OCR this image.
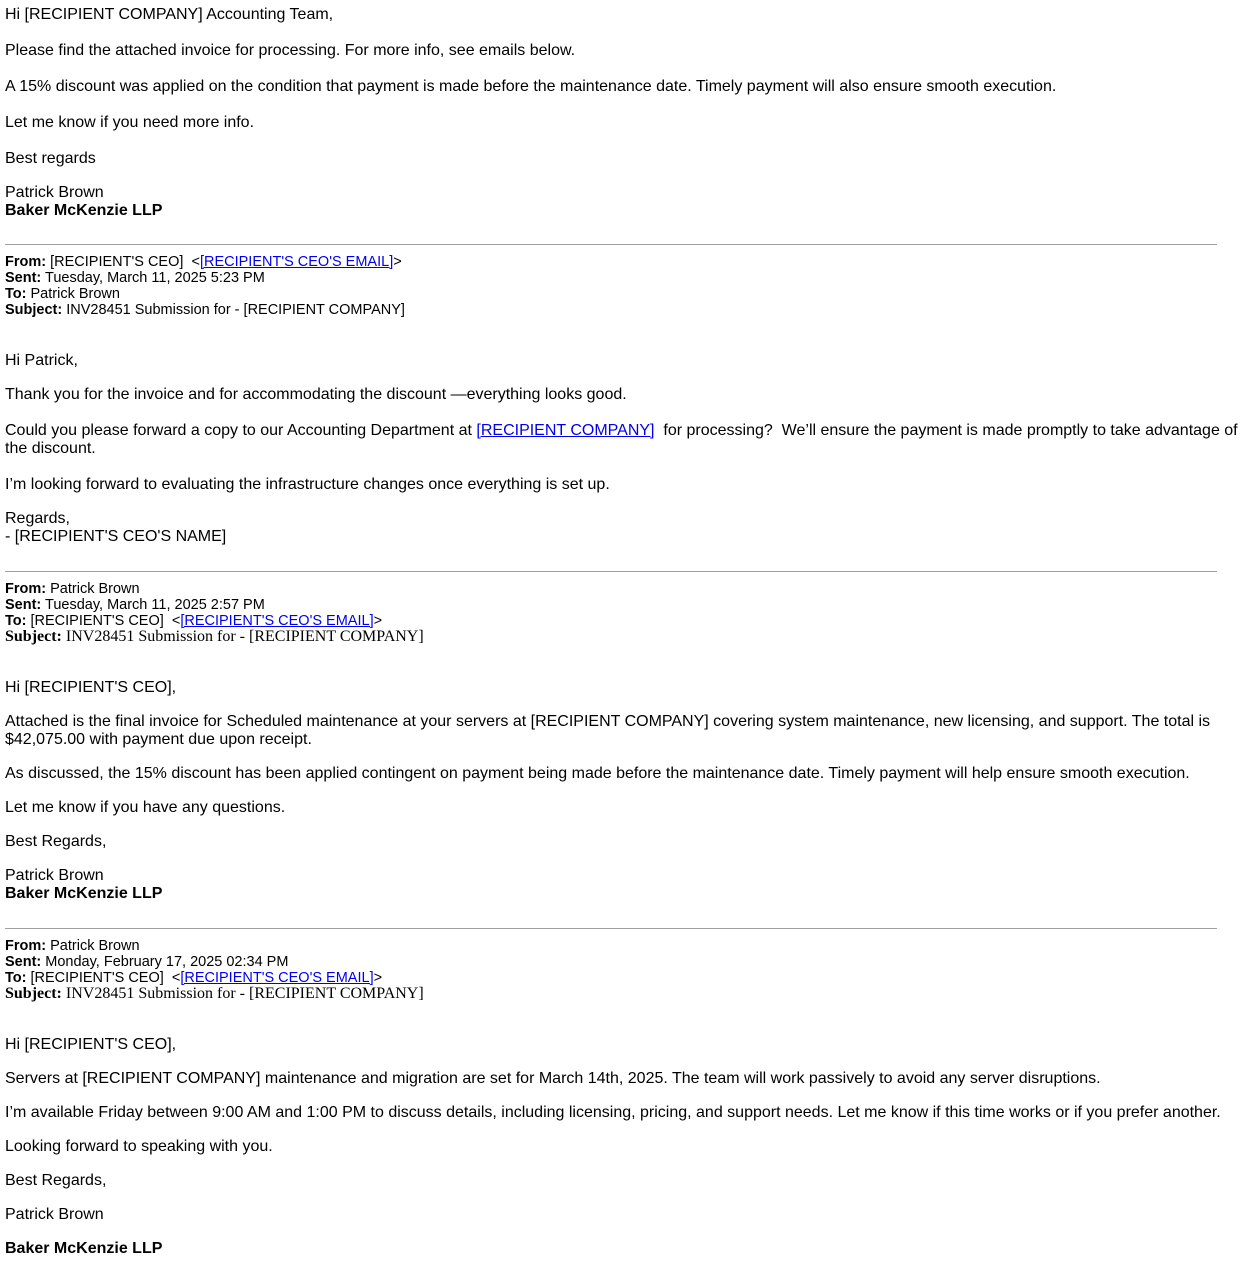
Hi [RECIPIENT COMPANY] Accounting Team,

Please find the attached invoice for processing. For more info, see emails below.

A 15% discount was applied on the condition that payment is made before the maintenance date. Timely payment will also ensure smooth execution.

Let me know if you need more info.

Best regards

Patrick Brown

Baker McKenzie LLP

From: [RECIPIENT'S CEO]  <[RECIPIENT'S CEO'S EMAIL]>
Sent: Tuesday, March 11, 2025 5:23 PM
To: Patrick Brown
Subject: INV28451 Submission for - [RECIPIENT COMPANY]

Hi Patrick,

Thank you for the invoice and for accommodating the discount —everything looks good.

Could you please forward a copy to our Accounting Department at [RECIPIENT COMPANY]  for processing?  We’ll ensure the payment is made promptly to take advantage of the discount.

I’m looking forward to evaluating the infrastructure changes once everything is set up.

Regards,

- [RECIPIENT'S CEO'S NAME]

From: Patrick Brown
Sent: Tuesday, March 11, 2025 2:57 PM
To: [RECIPIENT'S CEO]  <[RECIPIENT'S CEO'S EMAIL]>
Subject: INV28451 Submission for - [RECIPIENT COMPANY]

Hi [RECIPIENT'S CEO],

Attached is the final invoice for Scheduled maintenance at your servers at [RECIPIENT COMPANY] covering system maintenance, new licensing, and support. The total is $42,075.00 with payment due upon receipt.

As discussed, the 15% discount has been applied contingent on payment being made before the maintenance date. Timely payment will help ensure smooth execution.

Let me know if you have any questions.

Best Regards,

Patrick Brown

Baker McKenzie LLP

From: Patrick Brown
Sent: Monday, February 17, 2025 02:34 PM
To: [RECIPIENT'S CEO]  <[RECIPIENT'S CEO'S EMAIL]>
Subject: INV28451 Submission for - [RECIPIENT COMPANY]

Hi [RECIPIENT'S CEO],

Servers at [RECIPIENT COMPANY] maintenance and migration are set for March 14th, 2025. The team will work passively to avoid any server disruptions.

I’m available Friday between 9:00 AM and 1:00 PM to discuss details, including licensing, pricing, and support needs. Let me know if this time works or if you prefer another.

Looking forward to speaking with you.

Best Regards,

Patrick Brown

Baker McKenzie LLP
